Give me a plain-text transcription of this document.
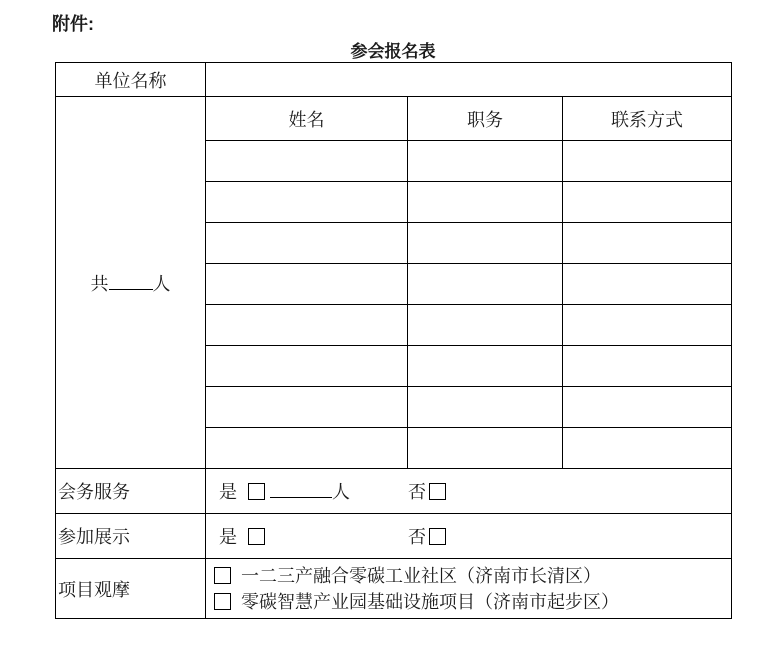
附件:
参会报名表
单位名称			
共 人	姓名	职务	联系方式

会务服务	是 人 否		

参加展示	是 否		

项目观摩	一二三产融合零碳工业社区（济南市长清区）
零碳智慧产业园基础设施项目（济南市起步区）		
